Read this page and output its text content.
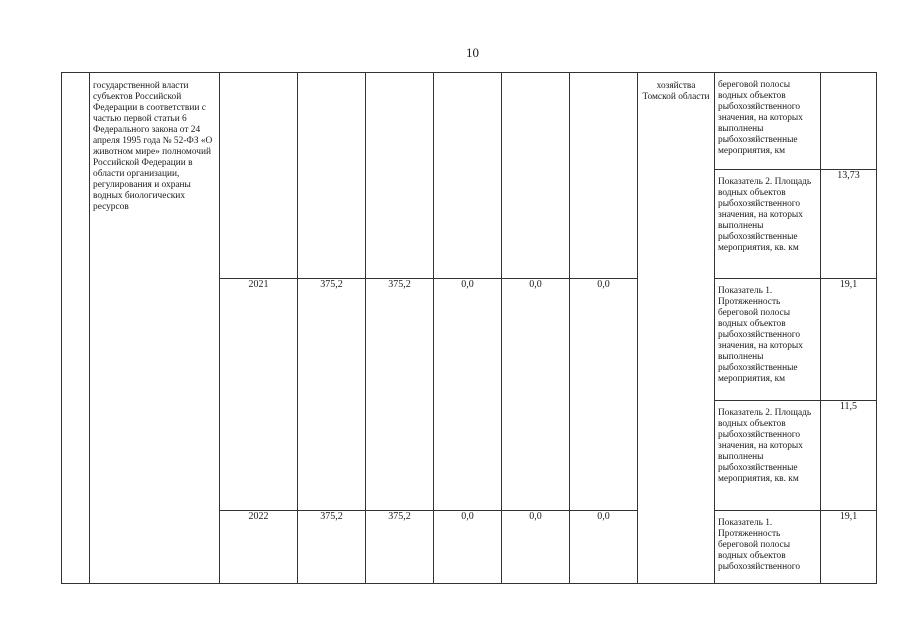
10

	государственной власти субъектов Российской Федерации в соответствии с частью первой статьи 6 Федерального закона от 24 апреля 1995 года № 52-ФЗ «О животном мире» полномочий Российской Федерации в области организации, регулирования и охраны водных биологических ресурсов							хозяйства Томской области	береговой полосы водных объектов рыбохозяйственного значения, на которых выполнены рыбохозяйственные мероприятия, км	

									Показатель 2. Площадь водных объектов рыбохозяйственного значения, на которых выполнены рыбохозяйственные мероприятия, кв. км	13,73
		2021	375,2	375,2	0,0	0,0	0,0		Показатель 1. Протяженность береговой полосы водных объектов рыбохозяйственного значения, на которых выполнены рыбохозяйственные мероприятия, км	19,1

									Показатель 2. Площадь водных объектов рыбохозяйственного значения, на которых выполнены рыбохозяйственные мероприятия, кв. км	11,5
		2022	375,2	375,2	0,0	0,0	0,0		Показатель 1. Протяженность береговой полосы водных объектов рыбохозяйственного	19,1
